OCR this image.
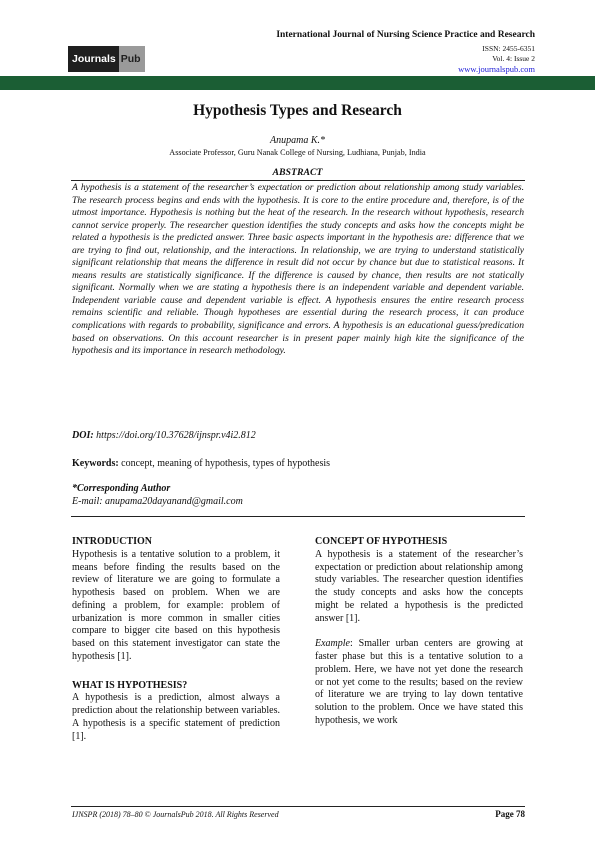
International Journal of Nursing Science Practice and Research
ISSN: 2455-6351
Vol. 4: Issue 2
www.journalspub.com
Journals Pub
Hypothesis Types and Research
Anupama K.*
Associate Professor, Guru Nanak College of Nursing, Ludhiana, Punjab, India
ABSTRACT

A hypothesis is a statement of the researcher’s expectation or prediction about relationship among study variables. The research process begins and ends with the hypothesis. It is core to the entire procedure and, therefore, is of the utmost importance. Hypothesis is nothing but the heat of the research. In the research without hypothesis, research cannot service properly. The researcher question identifies the study concepts and asks how the concepts might be related a hypothesis is the predicted answer. Three basic aspects important in the hypothesis are: difference that we are trying to find out, relationship, and the interactions. In relationship, we are trying to understand statistically significant relationship that means the difference in result did not occur by chance but due to statistical reasons. It means results are statistically significance. If the difference is caused by chance, then results are not statically significant. Normally when we are stating a hypothesis there is an independent variable and dependent variable. Independent variable cause and dependent variable is effect. A hypothesis ensures the entire research process remains scientific and reliable. Though hypotheses are essential during the research process, it can produce complications with regards to probability, significance and errors. A hypothesis is an educational guess/predication based on observations. On this account researcher is in present paper mainly high kite the significance of the hypothesis and its importance in research methodology.

DOI: https://doi.org/10.37628/ijnspr.v4i2.812
Keywords: concept, meaning of hypothesis, types of hypothesis
*Corresponding Author
E-mail: anupama20dayanand@gmail.com
INTRODUCTION

Hypothesis is a tentative solution to a problem, it means before finding the results based on the review of literature we are going to formulate a hypothesis based on problem. When we are defining a problem, for example: problem of urbanization is more common in smaller cities compare to bigger cite based on this hypothesis based on this statement investigator can state the hypothesis [1].

WHAT IS HYPOTHESIS?

A hypothesis is a prediction, almost always a prediction about the relationship between variables. A hypothesis is a specific statement of prediction [1].

CONCEPT OF HYPOTHESIS

A hypothesis is a statement of the researcher’s expectation or prediction about relationship among study variables. The researcher question identifies the study concepts and asks how the concepts might be related a hypothesis is the predicted answer [1].

Example: Smaller urban centers are growing at faster phase but this is a tentative solution to a problem. Here, we have not yet done the research or not yet come to the results; based on the review of literature we are trying to lay down tentative solution to the problem. Once we have stated this hypothesis, we work

IJNSPR (2018) 78–80 © JournalsPub 2018. All Rights Reserved	Page 78
